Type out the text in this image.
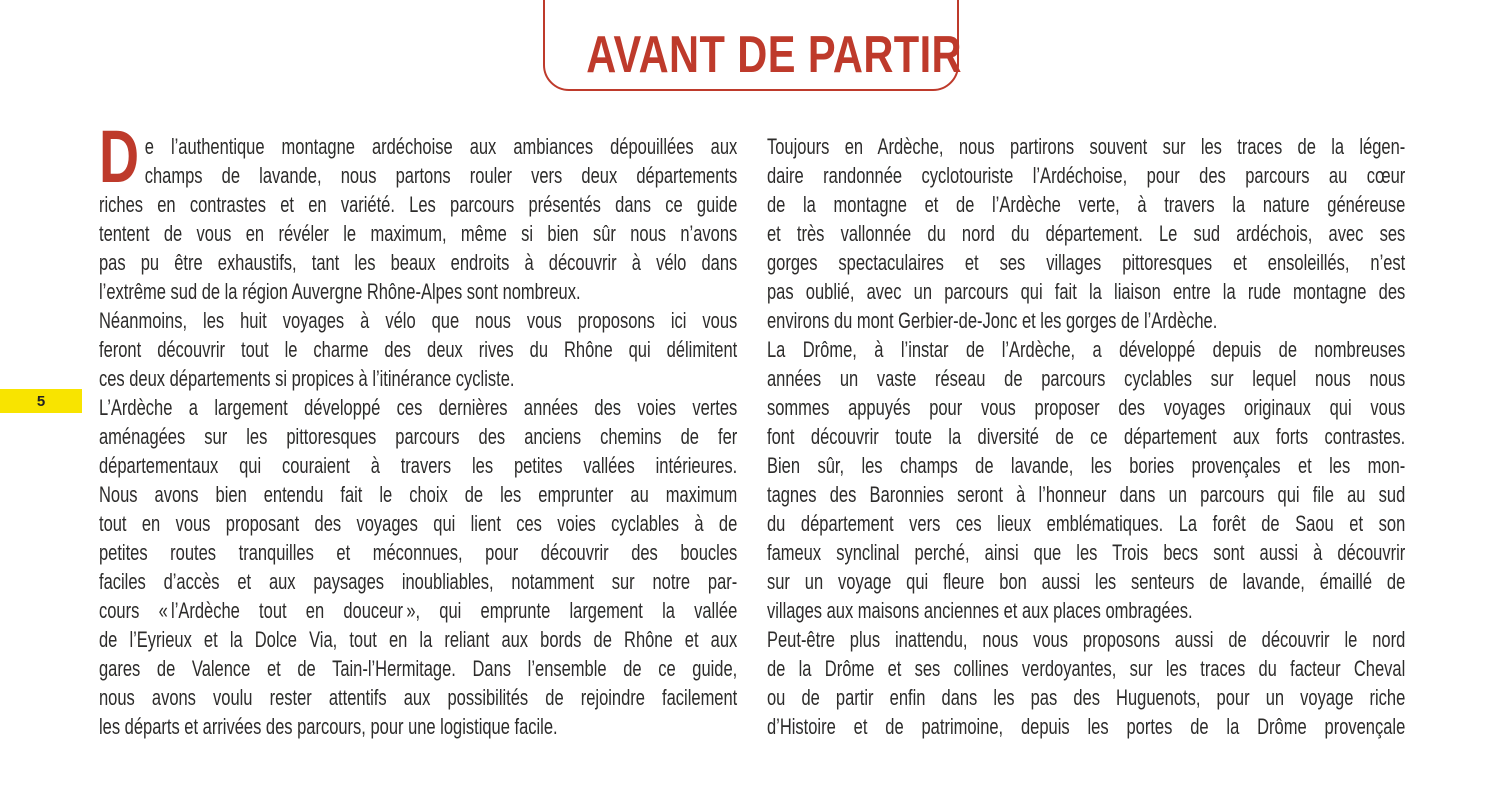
AVANT DE PARTIR
5
D e l’authentique montagne ardéchoise aux ambiances dépouillées aux
champs de lavande, nous partons rouler vers deux départements
riches en contrastes et en variété. Les parcours présentés dans ce guide
tentent de vous en révéler le maximum, même si bien sûr nous n’avons
pas pu être exhaustifs, tant les beaux endroits à découvrir à vélo dans
l’extrême sud de la région Auvergne Rhône-Alpes sont nombreux.
Néanmoins, les huit voyages à vélo que nous vous proposons ici vous
feront découvrir tout le charme des deux rives du Rhône qui délimitent
ces deux départements si propices à l’itinérance cycliste.
L’Ardèche a largement développé ces dernières années des voies vertes
aménagées sur les pittoresques parcours des anciens chemins de fer
départementaux qui couraient à travers les petites vallées intérieures.
Nous avons bien entendu fait le choix de les emprunter au maximum
tout en vous proposant des voyages qui lient ces voies cyclables à de
petites routes tranquilles et méconnues, pour découvrir des boucles
faciles d’accès et aux paysages inoubliables, notamment sur notre par-
cours « l’Ardèche tout en douceur », qui emprunte largement la vallée
de l’Eyrieux et la Dolce Via, tout en la reliant aux bords de Rhône et aux
gares de Valence et de Tain-l’Hermitage. Dans l’ensemble de ce guide,
nous avons voulu rester attentifs aux possibilités de rejoindre facilement
les départs et arrivées des parcours, pour une logistique facile.
Toujours en Ardèche, nous partirons souvent sur les traces de la légen-
daire randonnée cyclotouriste l’Ardéchoise, pour des parcours au cœur
de la montagne et de l’Ardèche verte, à travers la nature généreuse
et très vallonnée du nord du département. Le sud ardéchois, avec ses
gorges spectaculaires et ses villages pittoresques et ensoleillés, n’est
pas oublié, avec un parcours qui fait la liaison entre la rude montagne des
environs du mont Gerbier-de-Jonc et les gorges de l’Ardèche.
La Drôme, à l’instar de l’Ardèche, a développé depuis de nombreuses
années un vaste réseau de parcours cyclables sur lequel nous nous
sommes appuyés pour vous proposer des voyages originaux qui vous
font découvrir toute la diversité de ce département aux forts contrastes.
Bien sûr, les champs de lavande, les bories provençales et les mon-
tagnes des Baronnies seront à l’honneur dans un parcours qui file au sud
du département vers ces lieux emblématiques. La forêt de Saou et son
fameux synclinal perché, ainsi que les Trois becs sont aussi à découvrir
sur un voyage qui fleure bon aussi les senteurs de lavande, émaillé de
villages aux maisons anciennes et aux places ombragées.
Peut-être plus inattendu, nous vous proposons aussi de découvrir le nord
de la Drôme et ses collines verdoyantes, sur les traces du facteur Cheval
ou de partir enfin dans les pas des Huguenots, pour un voyage riche
d’Histoire et de patrimoine, depuis les portes de la Drôme provençale
